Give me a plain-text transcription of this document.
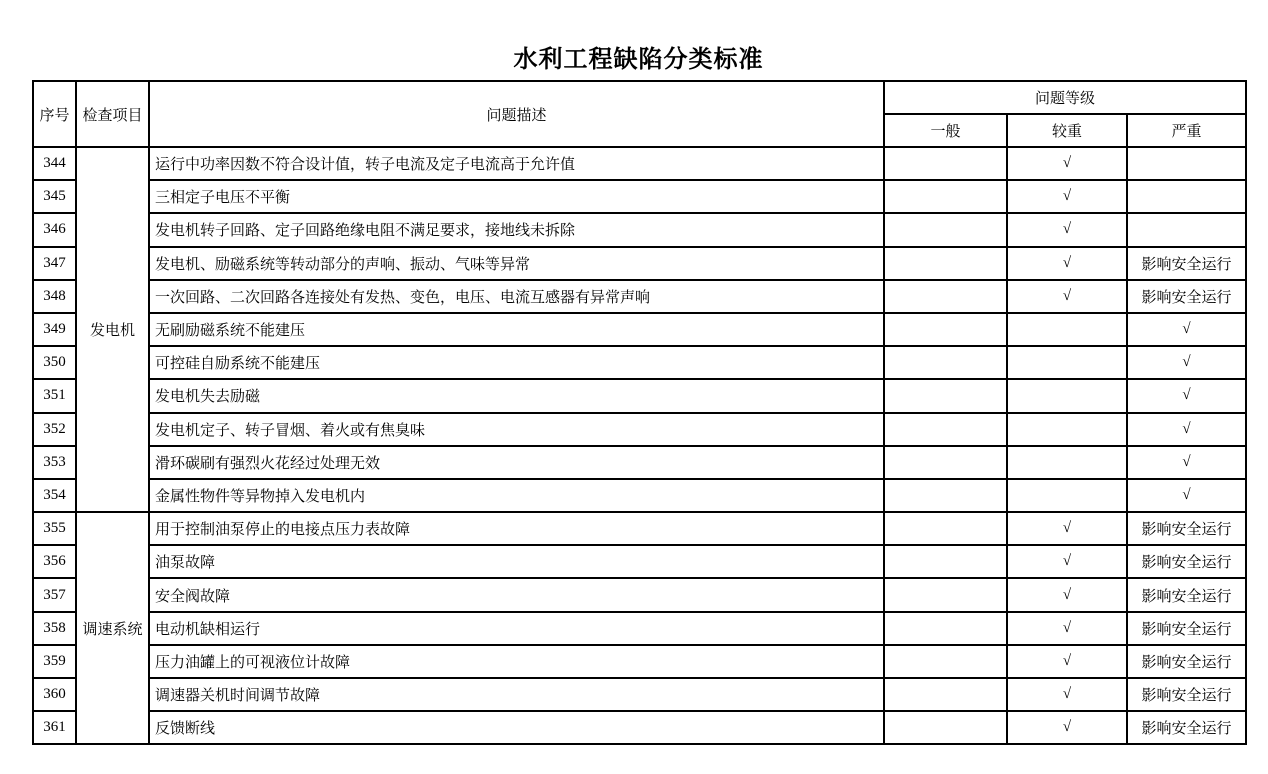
水利工程缺陷分类标准
序号	检查项目	问题描述	问题等级		
			一般	较重	严重
344	发电机	运行中功率因数不符合设计值，转子电流及定子电流高于允许值		√	
345		三相定子电压不平衡		√	
346		发电机转子回路、定子回路绝缘电阻不满足要求，接地线未拆除		√	
347		发电机、励磁系统等转动部分的声响、振动、气味等异常		√	影响安全运行
348		一次回路、二次回路各连接处有发热、变色，电压、电流互感器有异常声响		√	影响安全运行
349		无刷励磁系统不能建压			√
350		可控硅自励系统不能建压			√
351		发电机失去励磁			√
352		发电机定子、转子冒烟、着火或有焦臭味			√
353		滑环碳刷有强烈火花经过处理无效			√
354		金属性物件等异物掉入发电机内			√
355	调速系统	用于控制油泵停止的电接点压力表故障		√	影响安全运行
356		油泵故障		√	影响安全运行
357		安全阀故障		√	影响安全运行
358		电动机缺相运行		√	影响安全运行
359		压力油罐上的可视液位计故障		√	影响安全运行
360		调速器关机时间调节故障		√	影响安全运行
361		反馈断线		√	影响安全运行
